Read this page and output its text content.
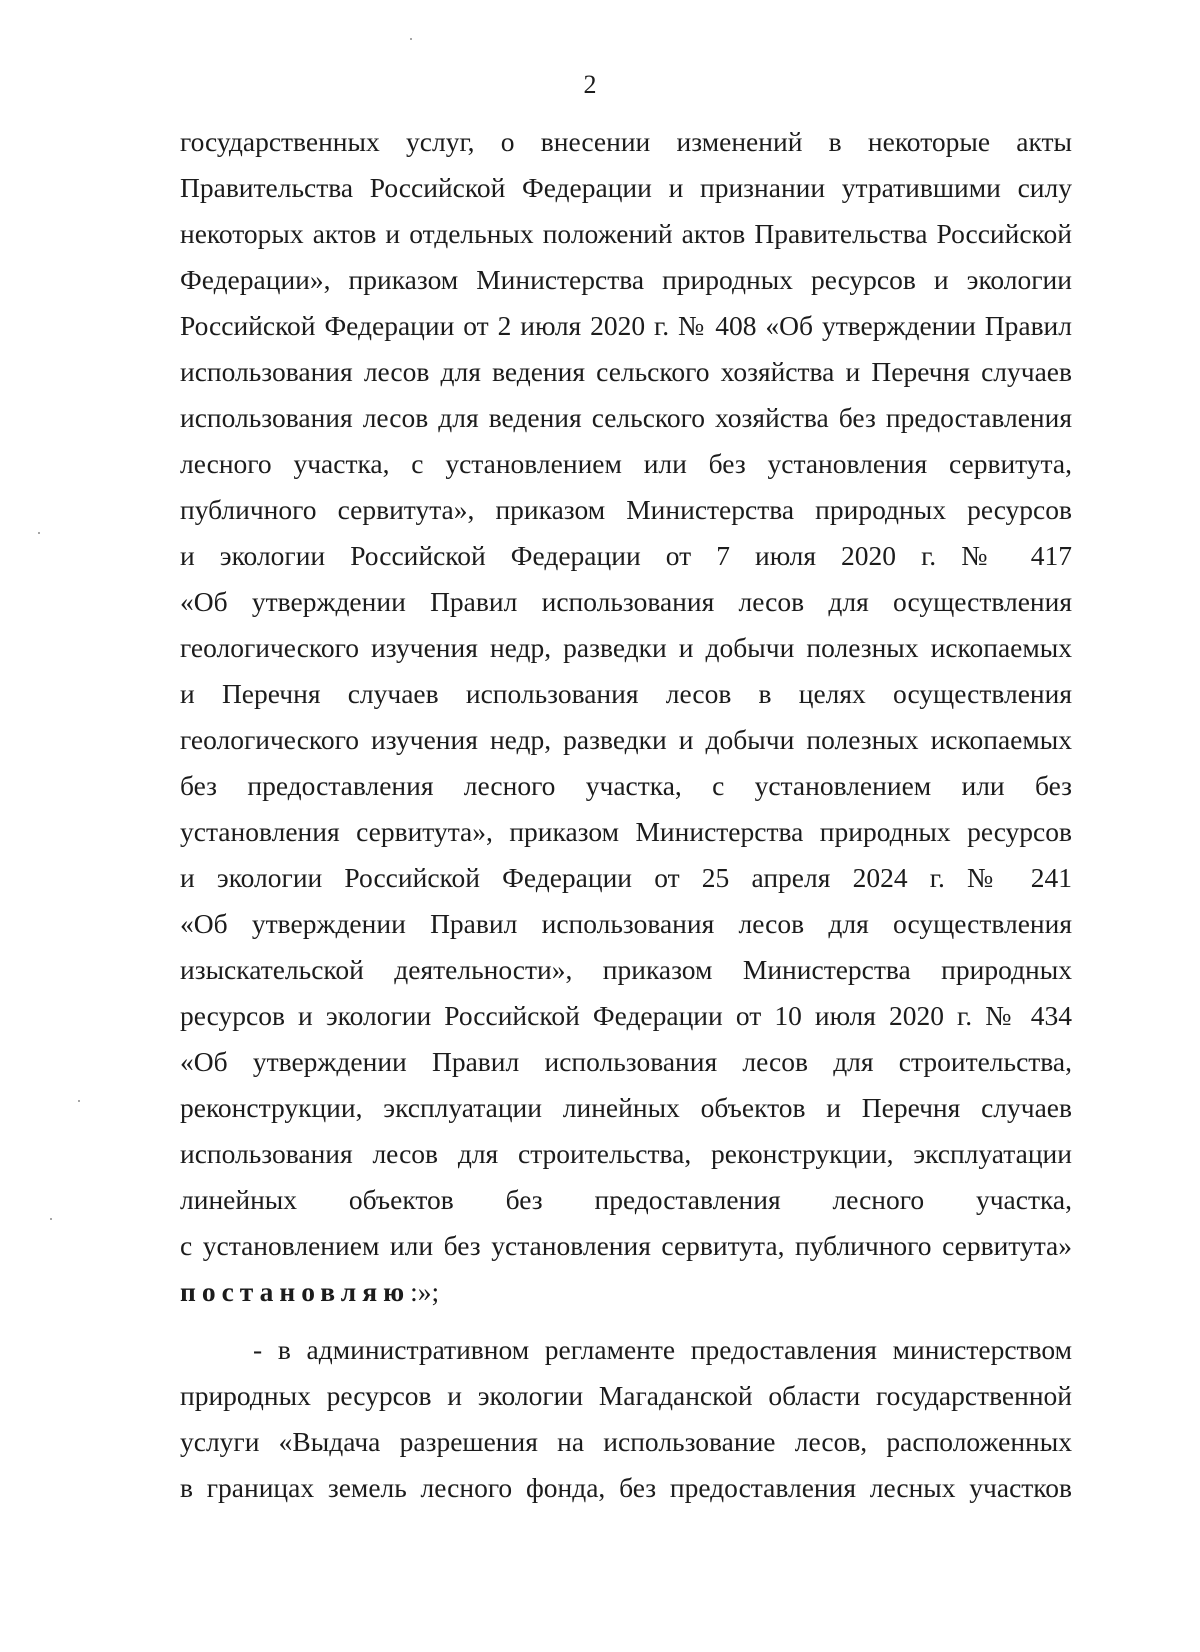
2
государственных услуг, о внесении изменений в некоторые акты
Правительства Российской Федерации и признании утратившими силу
некоторых актов и отдельных положений актов Правительства Российской
Федерации», приказом Министерства природных ресурсов и экологии
Российской Федерации от 2 июля 2020 г. № 408 «Об утверждении Правил
использования лесов для ведения сельского хозяйства и Перечня случаев
использования лесов для ведения сельского хозяйства без предоставления
лесного участка, с установлением или без установления сервитута,
публичного сервитута», приказом Министерства природных ресурсов
и экологии Российской Федерации от 7 июля 2020 г. № 417
«Об утверждении Правил использования лесов для осуществления
геологического изучения недр, разведки и добычи полезных ископаемых
и Перечня случаев использования лесов в целях осуществления
геологического изучения недр, разведки и добычи полезных ископаемых
без предоставления лесного участка, с установлением или без
установления сервитута», приказом Министерства природных ресурсов
и экологии Российской Федерации от 25 апреля 2024 г. № 241
«Об утверждении Правил использования лесов для осуществления
изыскательской деятельности», приказом Министерства природных
ресурсов и экологии Российской Федерации от 10 июля 2020 г. № 434
«Об утверждении Правил использования лесов для строительства,
реконструкции, эксплуатации линейных объектов и Перечня случаев
использования лесов для строительства, реконструкции, эксплуатации
линейных объектов без предоставления лесного участка,
с установлением или без установления сервитута, публичного сервитута»
постановляю:»;
- в административном регламенте предоставления министерством
природных ресурсов и экологии Магаданской области государственной
услуги «Выдача разрешения на использование лесов, расположенных
в границах земель лесного фонда, без предоставления лесных участков
